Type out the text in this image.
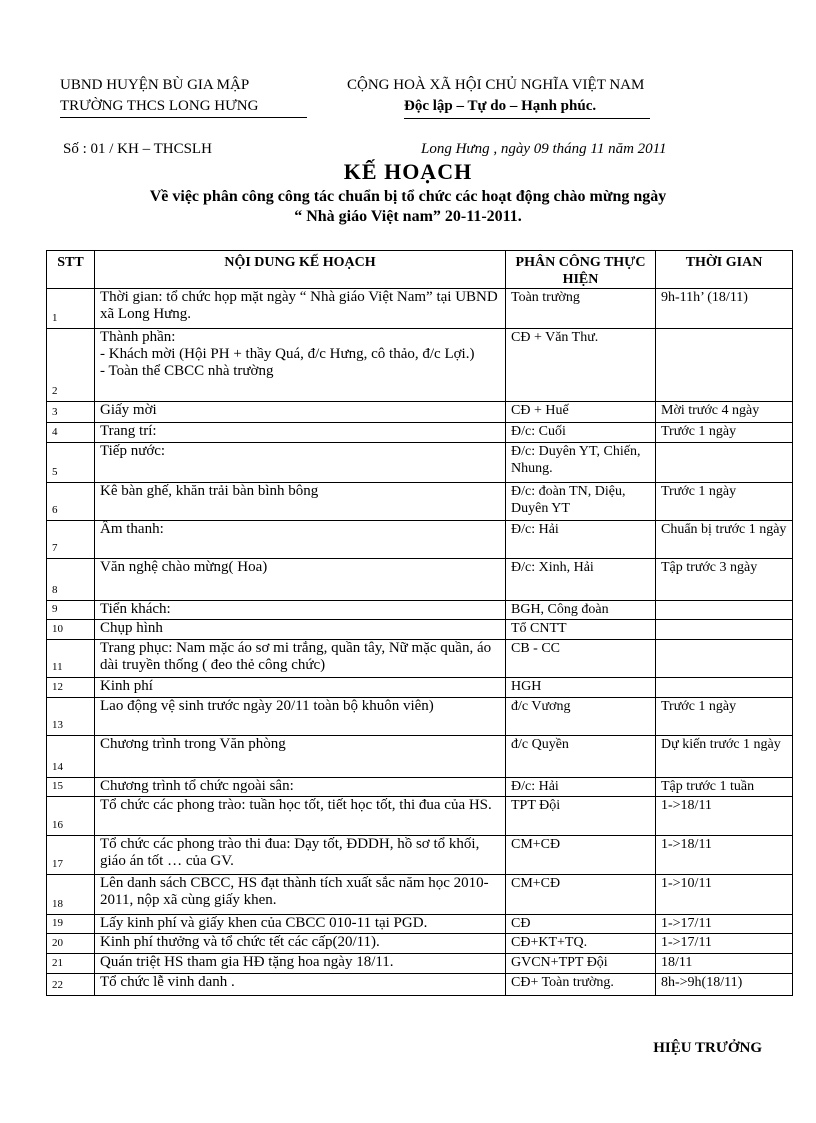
UBND HUYỆN BÙ GIA MẬP
TRƯỜNG THCS LONG HƯNG
CỘNG HOÀ XÃ HỘI CHỦ NGHĨA VIỆT NAM
Độc lập – Tự do – Hạnh phúc.
Số : 01 / KH – THCSLH	Long Hưng , ngày 09 tháng 11 năm 2011
KẾ HOẠCH
Về việc phân công công tác chuẩn bị tổ chức các hoạt động chào mừng ngày
“ Nhà giáo Việt nam” 20-11-2011.
STT	NỘI DUNG KẾ HOẠCH	PHÂN CÔNG THỰC HIỆN	THỜI GIAN
1	Thời gian: tổ chức họp mặt ngày “ Nhà giáo Việt Nam” tại UBND xã Long Hưng.	Toàn trường	9h-11h’ (18/11)
2	Thành phần:
- Khách mời (Hội PH + thầy Quá, đ/c Hưng, cô thảo, đ/c Lợi.)
- Toàn thể CBCC nhà trường	CĐ + Văn Thư.	
3	Giấy mời	CĐ + Huế	Mời trước 4 ngày
4	Trang trí:	Đ/c: Cuối	Trước 1 ngày
5	Tiếp nước:	Đ/c: Duyên YT, Chiến, Nhung.	
6	Kê bàn ghế, khăn trải bàn bình bông	Đ/c: đoàn TN, Diệu, Duyên YT	Trước 1 ngày
7	Âm thanh:	Đ/c: Hải	Chuẩn bị trước 1 ngày
8	Văn nghệ chào mừng( Hoa)	Đ/c: Xinh, Hải	Tập trước 3 ngày
9	Tiển khách:	BGH, Công đoàn	
10	Chụp hình	Tổ CNTT	
11	Trang phục: Nam mặc áo sơ mi trắng, quần tây, Nữ mặc quần, áo dài truyền thống ( đeo thẻ công chức)	CB - CC	
12	Kinh phí	HGH	
13	Lao động vệ sinh trước ngày 20/11 toàn bộ khuôn viên)	đ/c Vương	Trước 1 ngày
14	Chương trình trong Văn phòng	đ/c Quyền	Dự kiến trước 1 ngày
15	Chương trình tổ chức ngoài sân:	Đ/c: Hải	Tập trước 1 tuần
16	Tổ chức các phong trào: tuần học tốt, tiết học tốt, thi đua của HS.	TPT Đội	1->18/11
17	Tổ chức các phong trào thi đua: Dạy tốt, ĐDDH, hồ sơ tổ khối, giáo án tốt … của GV.	CM+CĐ	1->18/11
18	Lên danh sách CBCC, HS đạt thành tích xuất sắc năm học 2010-2011, nộp xã cùng giấy khen.	CM+CĐ	1->10/11
19	Lấy kinh phí và giấy khen của CBCC 010-11 tại PGD.	CĐ	1->17/11
20	Kinh phí thưởng và tổ chức tết các cấp(20/11).	CĐ+KT+TQ.	1->17/11
21	Quán triệt HS tham gia HĐ tặng hoa ngày 18/11.	GVCN+TPT Đội	18/11
22	Tổ chức lễ vinh danh .	CĐ+ Toàn trường.	8h->9h(18/11)
HIỆU TRƯỞNG
